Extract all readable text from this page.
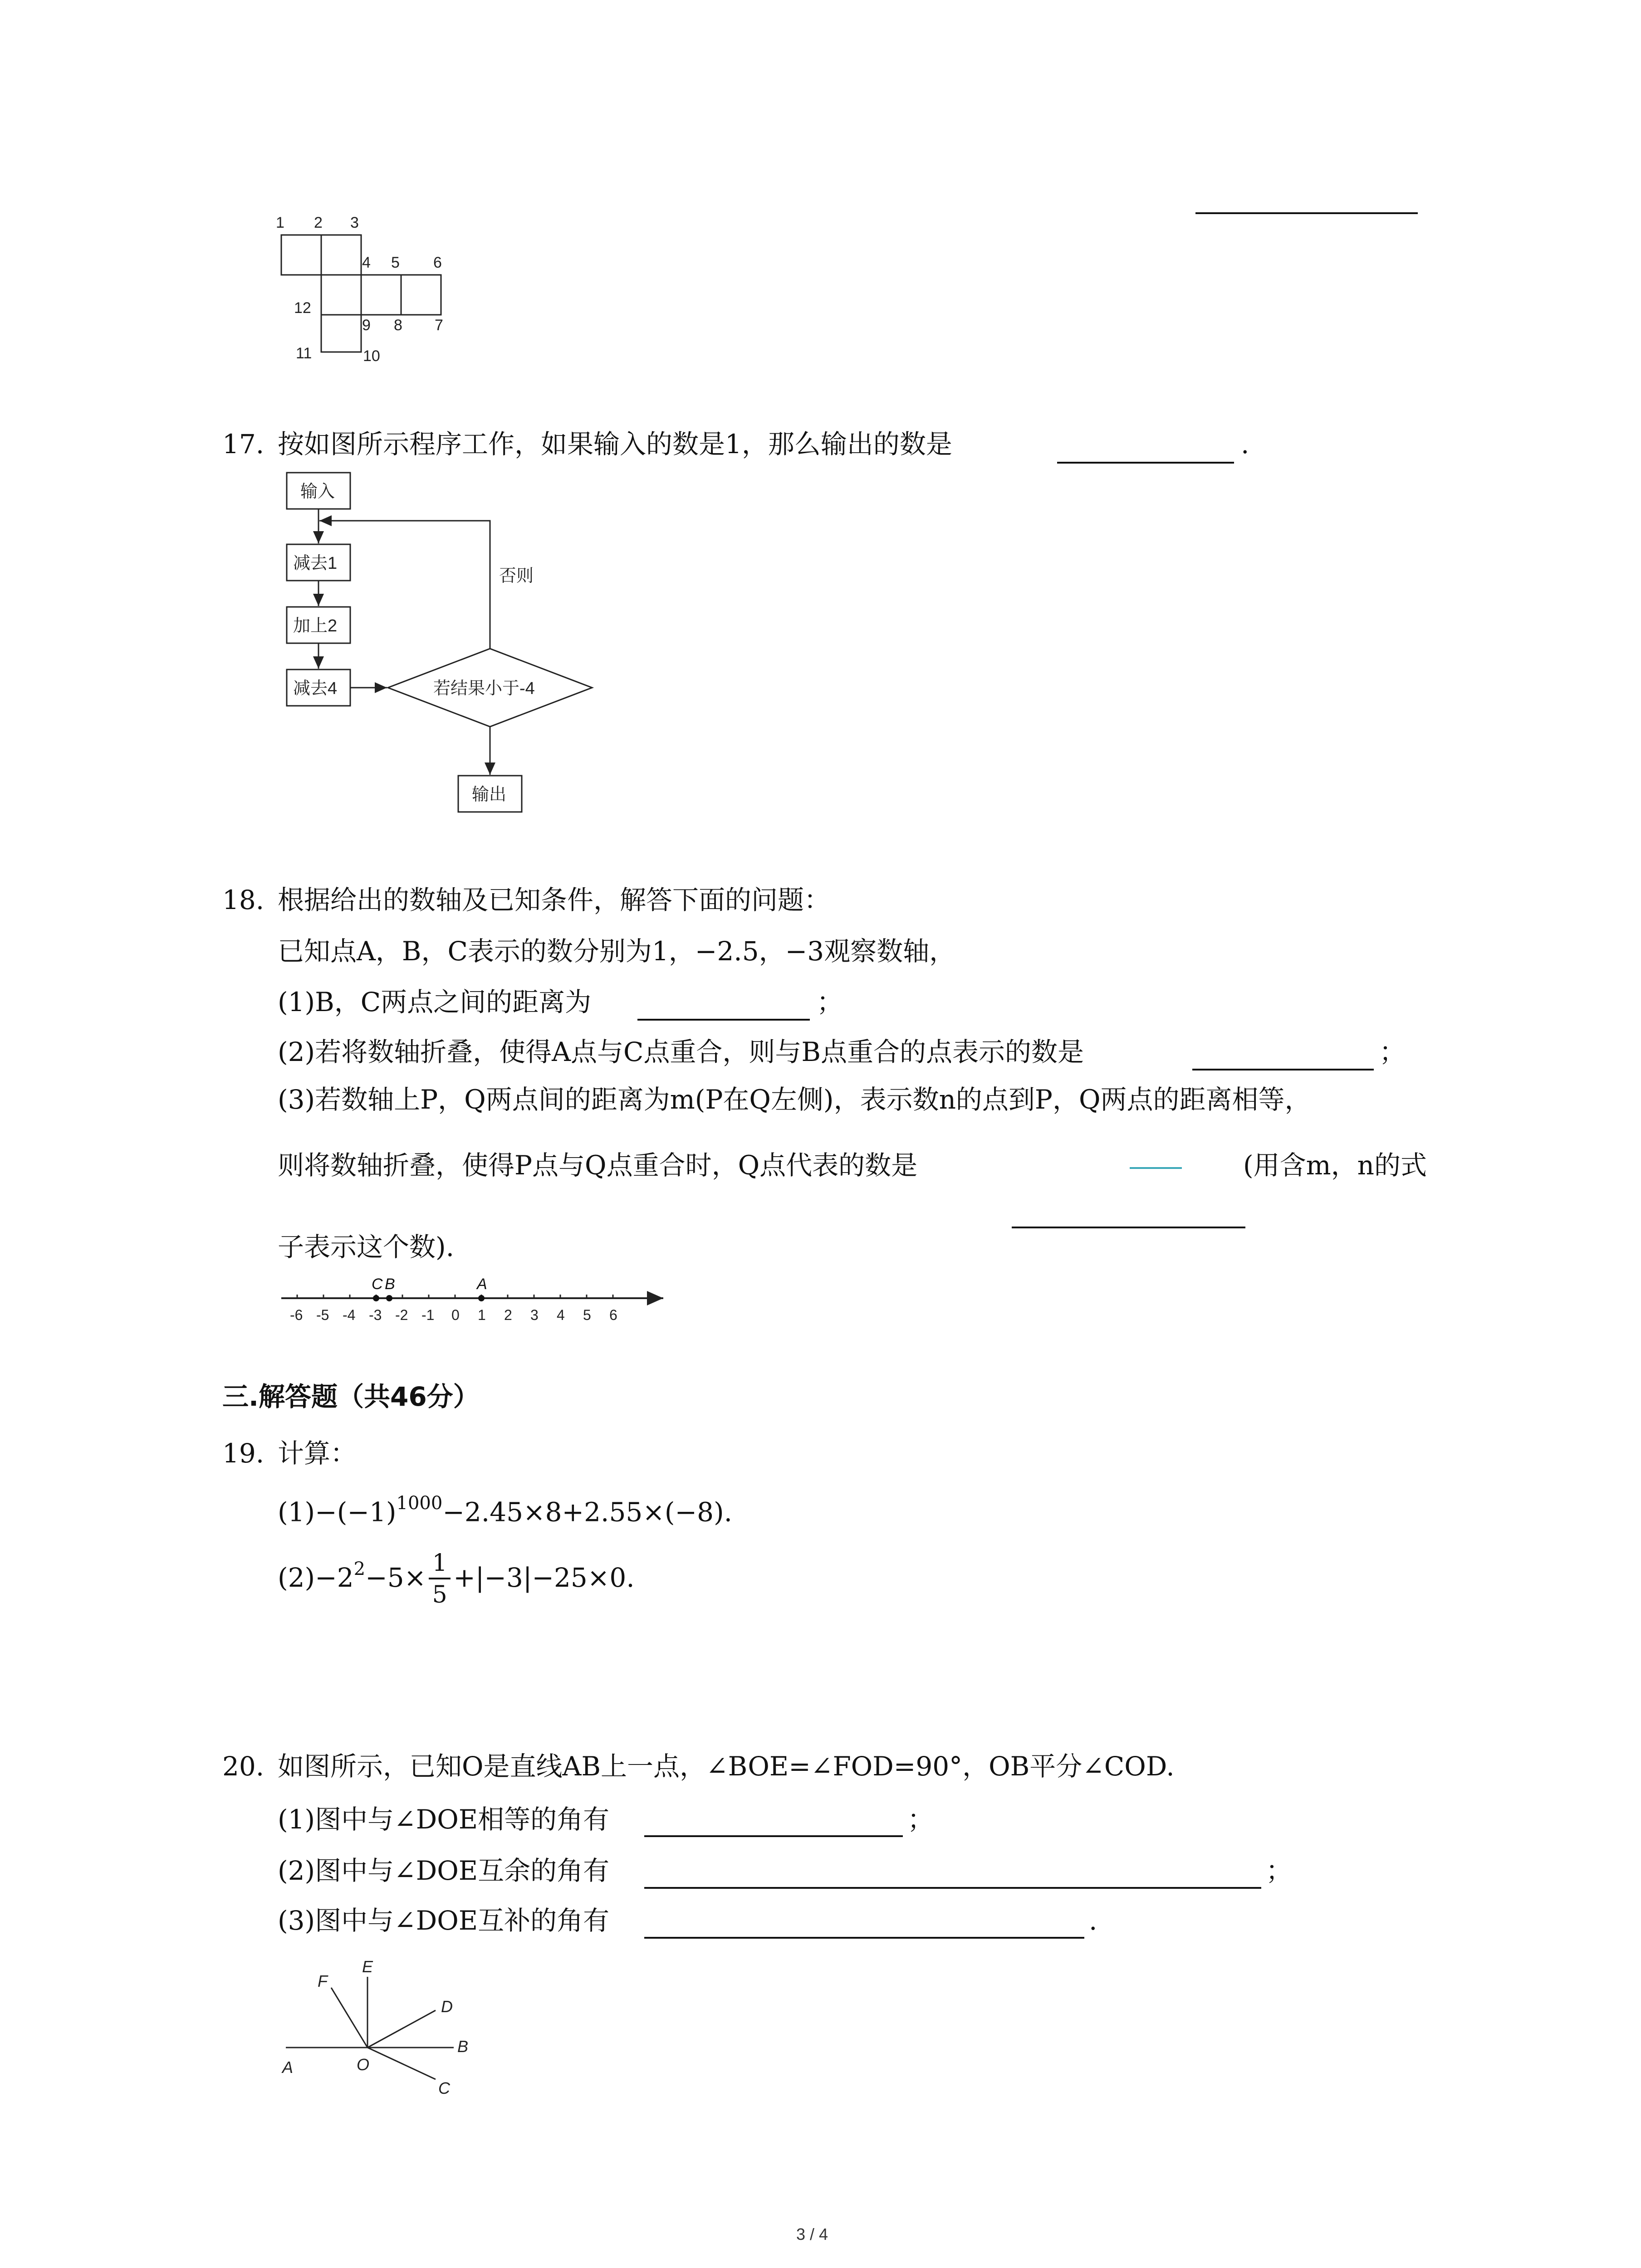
1 2 3
4 5 6
12
9 8 7
11	10
17. 按如图所示程序工作，如果输入的数是1，那么输出的数是	.
输入
减去1
加上2
减去4	若结果小于-4
否则
输出
18. 根据给出的数轴及已知条件，解答下面的问题：
已知点A，B，C表示的数分别为1，−2.5，−3观察数轴，
(1)B，C两点之间的距离为	；
(2)若将数轴折叠，使得A点与C点重合，则与B点重合的点表示的数是	；
(3)若数轴上P，Q两点间的距离为m(P在Q左侧)，表示数n的点到P，Q两点的距离相等，
则将数轴折叠，使得P点与Q点重合时，Q点代表的数是	(用含m，n的式
子表示这个数).
-6 -5 -4 -3 -2 -1 0 1 2 3 4 5 6
C B	A
三.解答题（共46分）
19. 计算：
$(1)-(-1)^{1000}-2.45\times 8+2.55\times(-8)$.
$(2)-2^2-5\times \frac{1}{5} +|-3|-25\times 0$.
20. 如图所示，已知O是直线AB上一点，∠BOE=∠FOD=90°，OB平分∠COD.
(1)图中与∠DOE相等的角有	；
(2)图中与∠DOE互余的角有	；
(3)图中与∠DOE互补的角有	.
F
E
D
B
A	O
C
3 / 4
